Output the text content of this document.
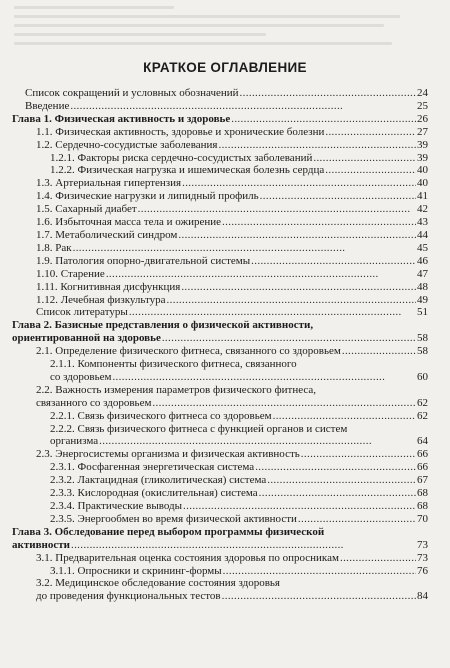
КРАТКОЕ ОГЛАВЛЕНИЕ
Список сокращений и условных обозначений . . .	24
Введение . . .	25
Глава 1. Физическая активность и здоровье . . .	26
1.1. Физическая активность, здоровье и хронические болезни . . .	27
1.2. Сердечно-сосудистые заболевания . . .	39
1.2.1. Факторы риска сердечно-сосудистых заболеваний . . .	39
1.2.2. Физическая нагрузка и ишемическая болезнь сердца . . .	40
1.3. Артериальная гипертензия . . .	40
1.4. Физические нагрузки и липидный профиль . . .	41
1.5. Сахарный диабет . . .	42
1.6. Избыточная масса тела и ожирение . . .	43
1.7. Метаболический синдром . . .	44
1.8. Рак . . .	45
1.9. Патология опорно-двигательной системы . . .	46
1.10. Старение . . .	47
1.11. Когнитивная дисфункция . . .	48
1.12. Лечебная физкультура . . .	49
Список литературы . . .	51
Глава 2. Базисные представления о физической активности,
ориентированной на здоровье . . .	58
2.1. Определение физического фитнеса, связанного со здоровьем . . .	58
2.1.1. Компоненты физического фитнеса, связанного
со здоровьем . . .	60
2.2. Важность измерения параметров физического фитнеса,
связанного со здоровьем . . .	62
2.2.1. Связь физического фитнеса со здоровьем . . .	62
2.2.2. Связь физического фитнеса с функцией органов и систем
организма . . .	64
2.3. Энергосистемы организма и физическая активность . . .	66
2.3.1. Фосфагенная энергетическая система . . .	66
2.3.2. Лактацидная (гликолитическая) система . . .	67
2.3.3. Кислородная (окислительная) система . . .	68
2.3.4. Практические выводы . . .	68
2.3.5. Энергообмен во время физической активности . . .	70
Глава 3. Обследование перед выбором программы физической
активности . . .	73
3.1. Предварительная оценка состояния здоровья по опросникам . . .	73
3.1.1. Опросники и скрининг-формы . . .	76
3.2. Медицинское обследование состояния здоровья
до проведения функциональных тестов . . .	84
